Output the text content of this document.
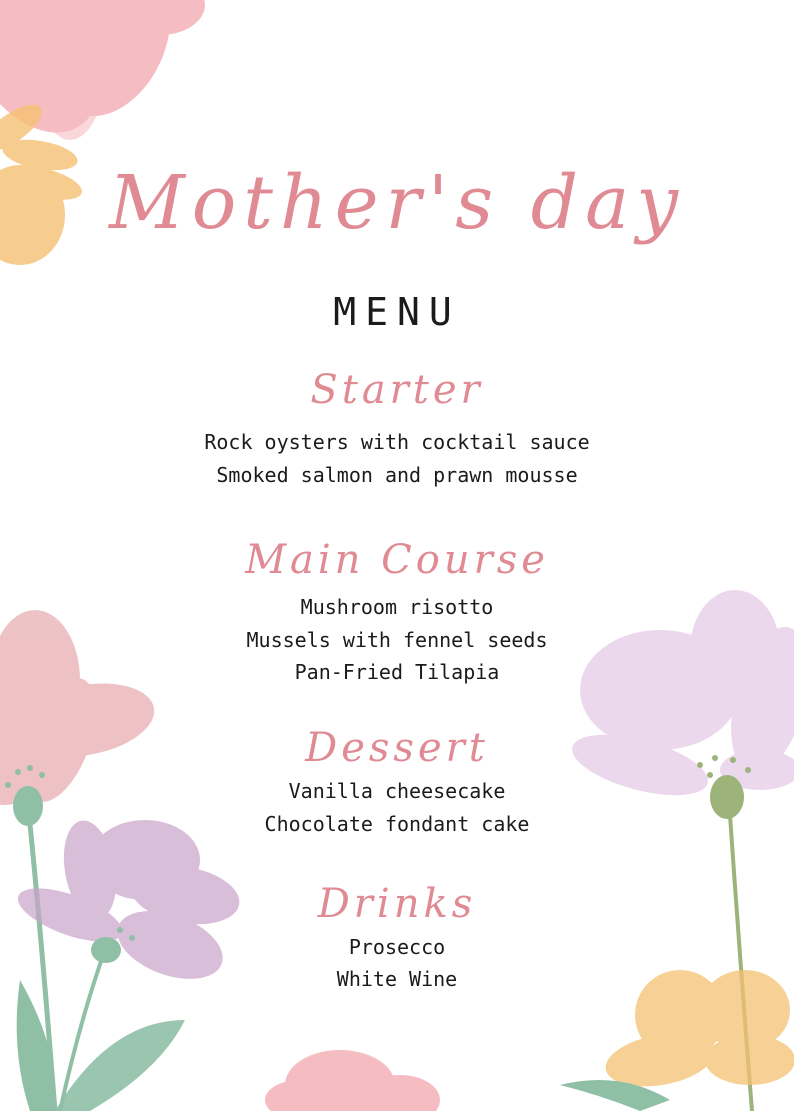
Mother's day
MENU
Starter
Rock oysters with cocktail sauce
Smoked salmon and prawn mousse
Main Course
Mushroom risotto
Mussels with fennel seeds
Pan-Fried Tilapia
Dessert
Vanilla cheesecake
Chocolate fondant cake
Drinks
Prosecco
White Wine
